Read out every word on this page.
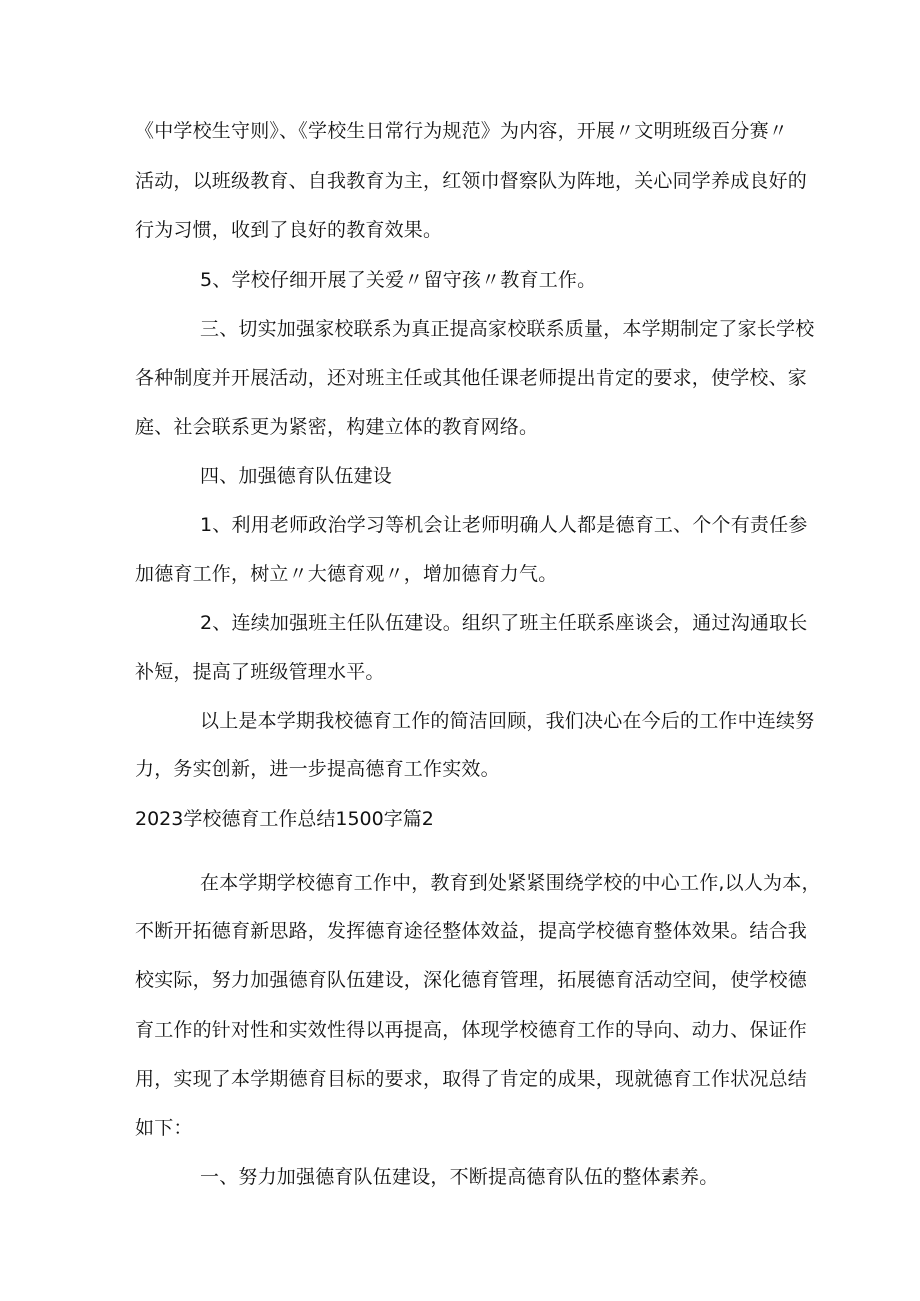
《中学校生守则》、《学校生日常行为规范》为内容，开展〃文明班级百分赛〃
活动，以班级教育、自我教育为主，红领巾督察队为阵地，关心同学养成良好的
行为习惯，收到了良好的教育效果。
5、学校仔细开展了关爱〃留守孩〃教育工作。
三、切实加强家校联系为真正提高家校联系质量，本学期制定了家长学校
各种制度并开展活动，还对班主任或其他任课老师提出肯定的要求，使学校、家
庭、社会联系更为紧密，构建立体的教育网络。
四、加强德育队伍建设
1、利用老师政治学习等机会让老师明确人人都是德育工、个个有责任参
加德育工作，树立〃大德育观〃，增加德育力气。
2、连续加强班主任队伍建设。组织了班主任联系座谈会，通过沟通取长
补短，提高了班级管理水平。
以上是本学期我校德育工作的简洁回顾，我们决心在今后的工作中连续努
力，务实创新，进一步提高德育工作实效。
2023学校德育工作总结1500字篇2
在本学期学校德育工作中，教育到处紧紧围绕学校的中心工作,以人为本，
不断开拓德育新思路，发挥德育途径整体效益，提高学校德育整体效果。结合我
校实际，努力加强德育队伍建设，深化德育管理，拓展德育活动空间，使学校德
育工作的针对性和实效性得以再提高，体现学校德育工作的导向、动力、保证作
用，实现了本学期德育目标的要求，取得了肯定的成果，现就德育工作状况总结
如下：
一、努力加强德育队伍建设，不断提高德育队伍的整体素养。
